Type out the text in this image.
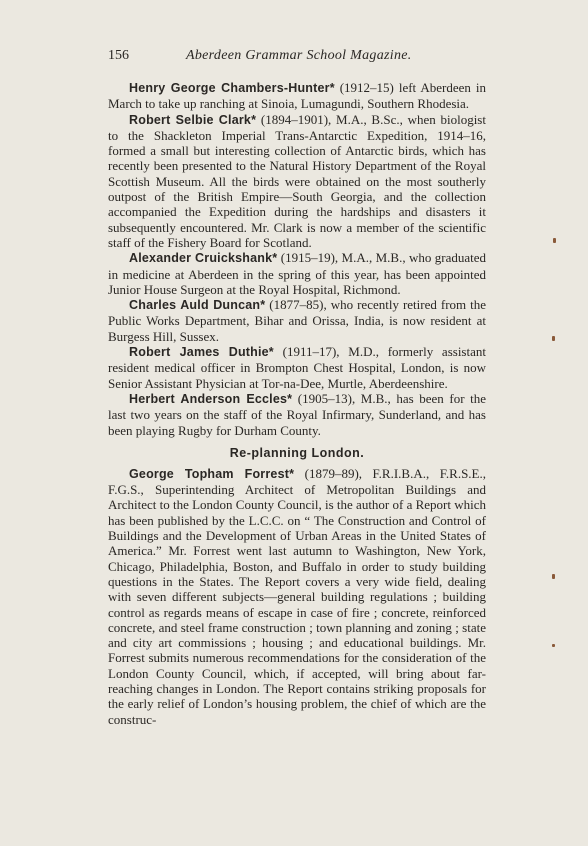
156	Aberdeen Grammar School Magazine.

Henry George Chambers-Hunter* (1912–15) left Aberdeen in March to take up ranching at Sinoia, Lumagundi, Southern Rhodesia.

Robert Selbie Clark* (1894–1901), M.A., B.Sc., when biologist to the Shackleton Imperial Trans-Antarctic Expedition, 1914–16, formed a small but interesting collection of Antarctic birds, which has recently been presented to the Natural History Department of the Royal Scottish Museum. All the birds were obtained on the most southerly outpost of the British Empire—South Georgia, and the collection accompanied the Expedition during the hardships and disasters it subsequently encountered. Mr. Clark is now a member of the scientific staff of the Fishery Board for Scotland.

Alexander Cruickshank* (1915–19), M.A., M.B., who graduated in medicine at Aberdeen in the spring of this year, has been appointed Junior House Surgeon at the Royal Hospital, Richmond.

Charles Auld Duncan* (1877–85), who recently retired from the Public Works Department, Bihar and Orissa, India, is now resident at Burgess Hill, Sussex.

Robert James Duthie* (1911–17), M.D., formerly assistant resident medical officer in Brompton Chest Hospital, London, is now Senior Assistant Physician at Tor-na-Dee, Murtle, Aberdeenshire.

Herbert Anderson Eccles* (1905–13), M.B., has been for the last two years on the staff of the Royal Infirmary, Sunderland, and has been playing Rugby for Durham County.

Re-planning London.

George Topham Forrest* (1879–89), F.R.I.B.A., F.R.S.E., F.G.S., Superintending Architect of Metropolitan Buildings and Architect to the London County Council, is the author of a Report which has been published by the L.C.C. on “ The Construction and Control of Buildings and the Development of Urban Areas in the United States of America.” Mr. Forrest went last autumn to Washington, New York, Chicago, Philadelphia, Boston, and Buffalo in order to study building questions in the States. The Report covers a very wide field, dealing with seven different subjects—general building regulations ; building control as regards means of escape in case of fire ; concrete, reinforced concrete, and steel frame construction ; town planning and zoning ; state and city art commissions ; housing ; and educational buildings. Mr. Forrest submits numerous recommendations for the consideration of the London County Council, which, if accepted, will bring about far-reaching changes in London. The Report contains striking proposals for the early relief of London’s housing problem, the chief of which are the construc-
